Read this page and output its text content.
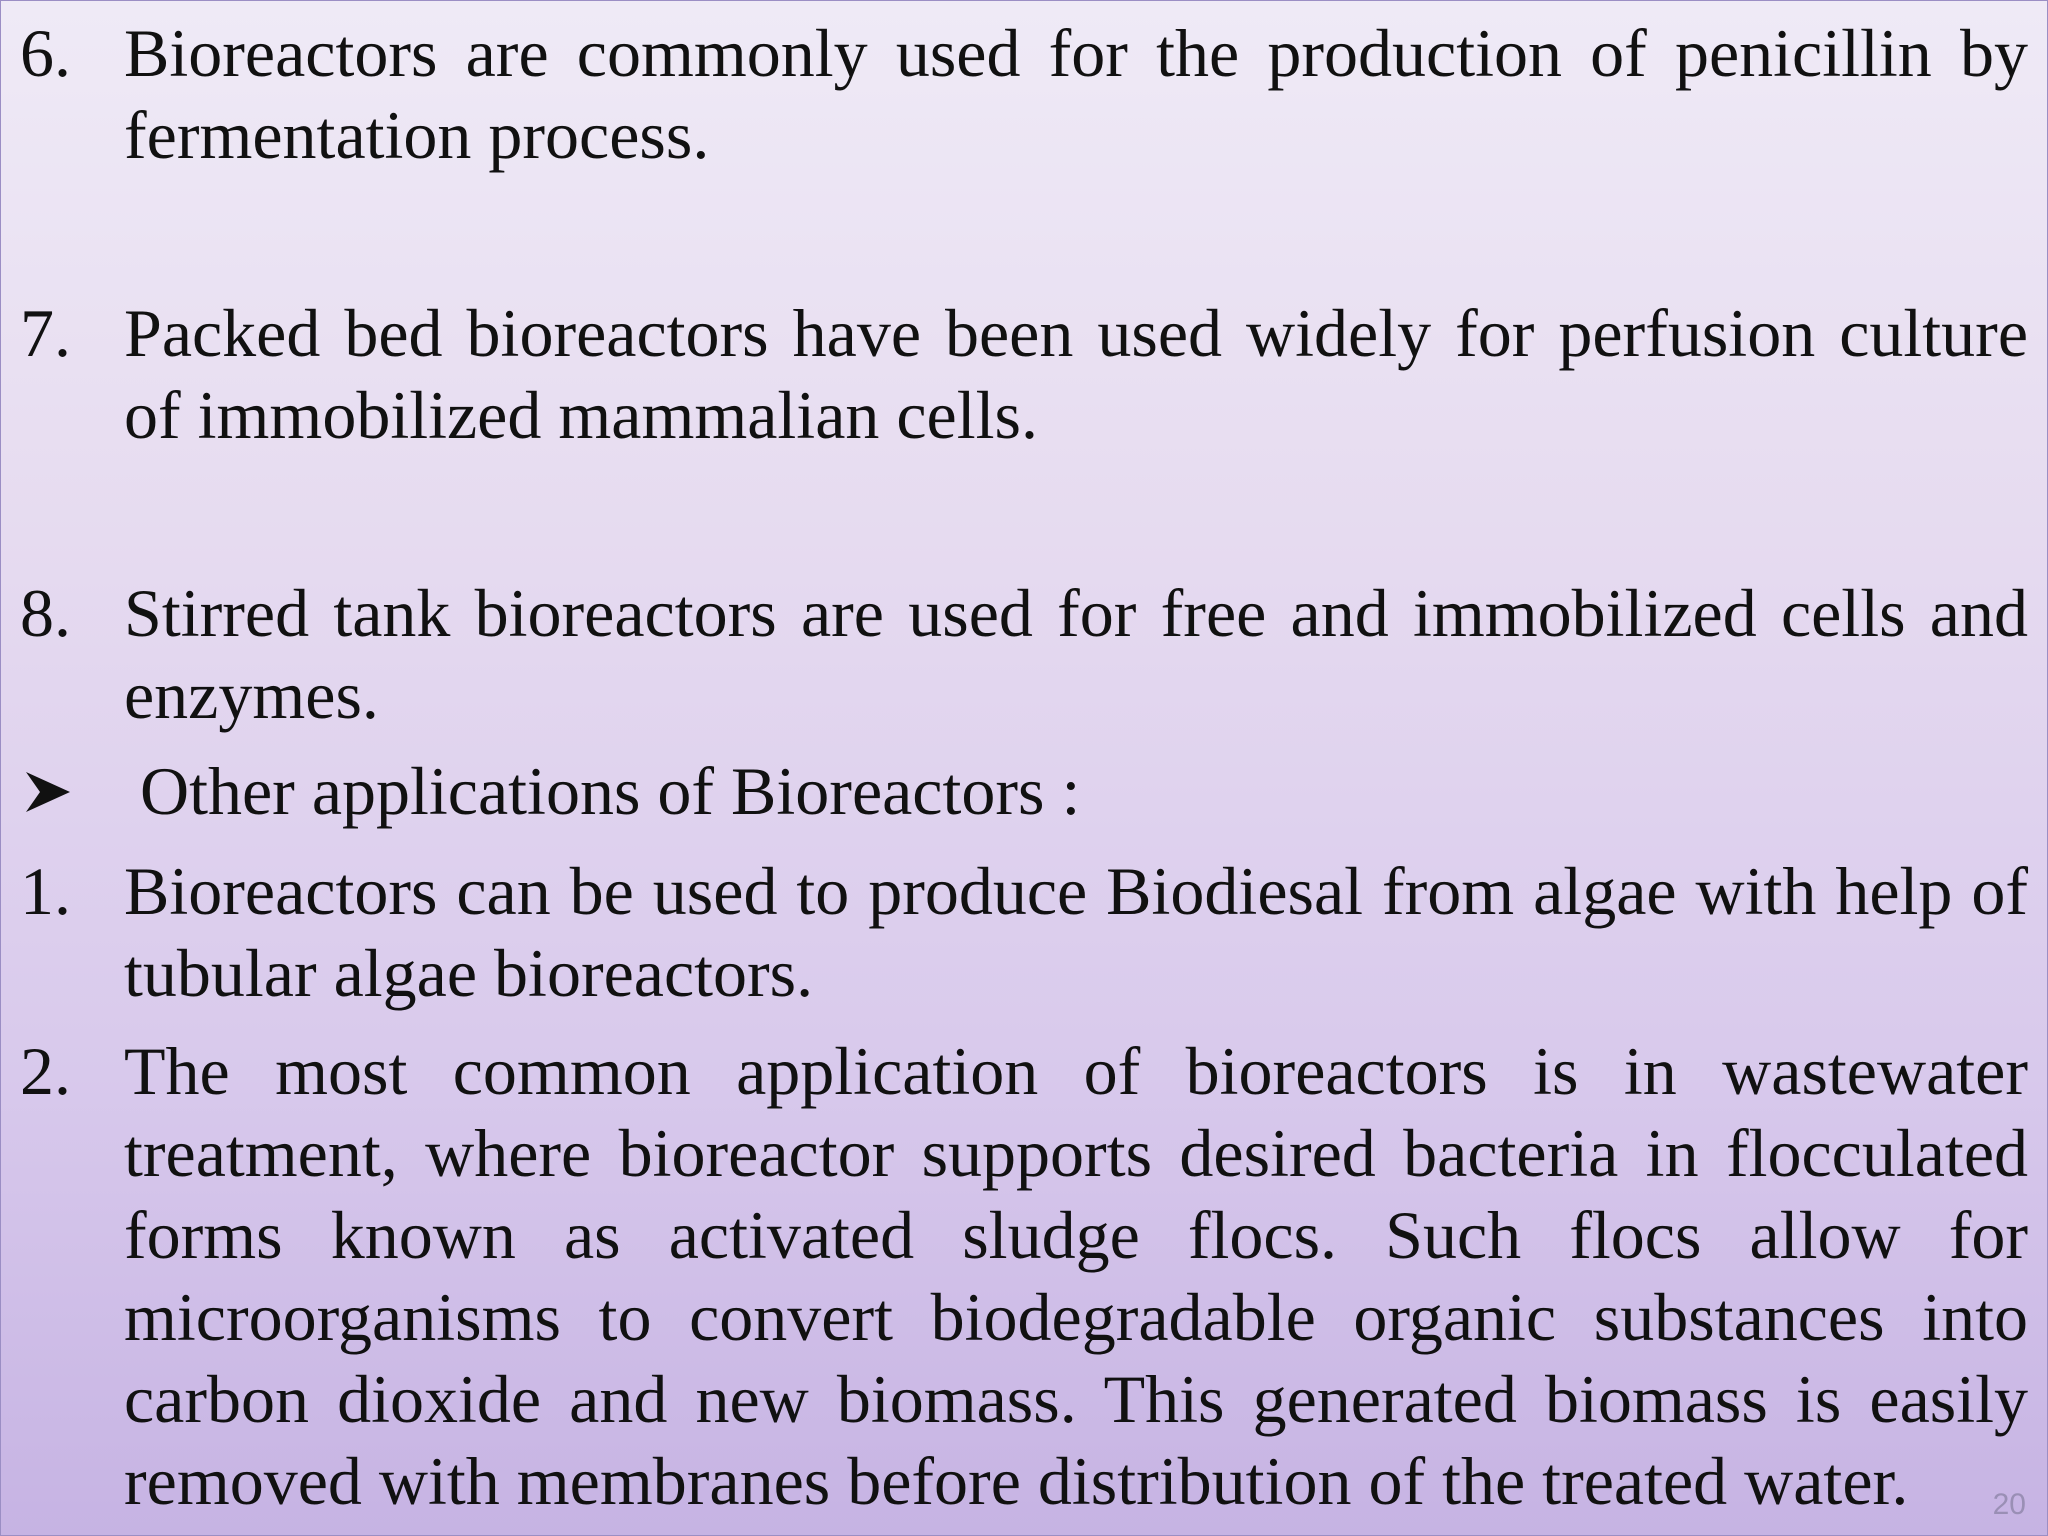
6. Bioreactors are commonly used for the production of penicillin by fermentation process.
7. Packed bed bioreactors have been used widely for perfusion culture of immobilized mammalian cells.
8. Stirred tank bioreactors are used for free and immobilized cells and enzymes.
Other applications of Bioreactors :
1. Bioreactors can be used to produce Biodiesal from algae with help of tubular algae bioreactors.
2. The most common application of bioreactors is in wastewater treatment, where bioreactor supports desired bacteria in flocculated forms known as activated sludge flocs. Such flocs allow for microorganisms to convert biodegradable organic substances into carbon dioxide and new biomass. This generated biomass is easily removed with membranes before distribution of the treated water.	20
